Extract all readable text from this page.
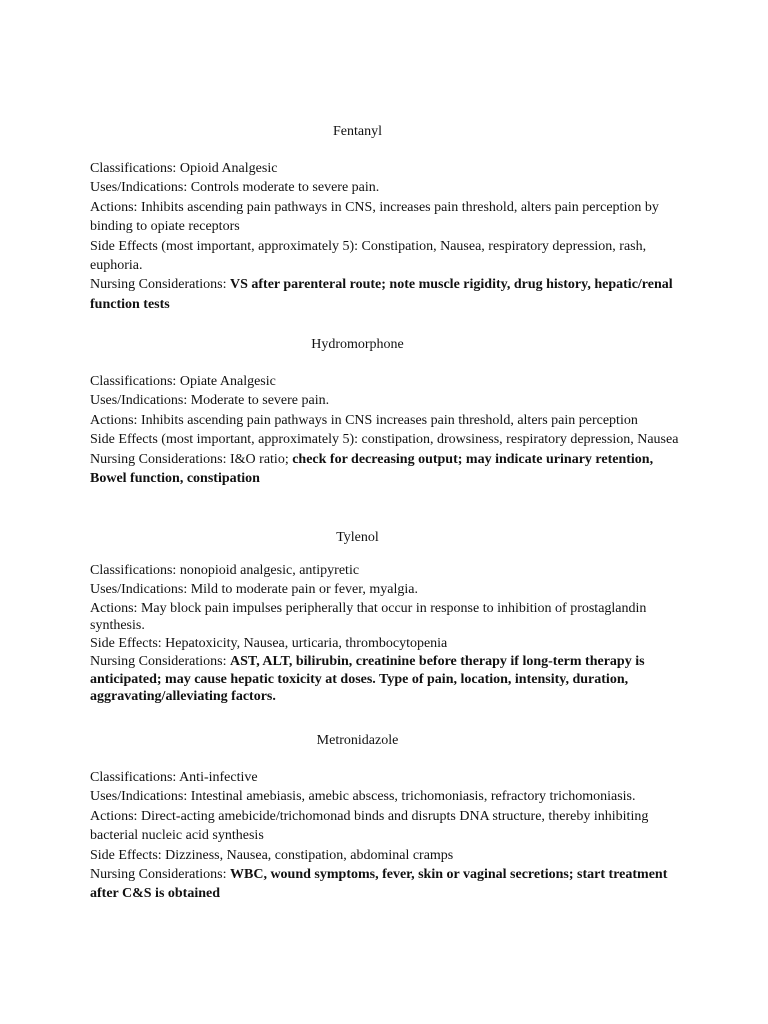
Fentanyl

Classifications: Opioid Analgesic

Uses/Indications: Controls moderate to severe pain.

Actions: Inhibits ascending pain pathways in CNS, increases pain threshold, alters pain perception by binding to opiate receptors

Side Effects (most important, approximately 5): Constipation, Nausea, respiratory depression, rash, euphoria.

Nursing Considerations: VS after parenteral route; note muscle rigidity, drug history, hepatic/renal function tests

Hydromorphone

Classifications: Opiate Analgesic

Uses/Indications: Moderate to severe pain.

Actions: Inhibits ascending pain pathways in CNS increases pain threshold, alters pain perception

Side Effects (most important, approximately 5): constipation, drowsiness, respiratory depression, Nausea

Nursing Considerations: I&O ratio; check for decreasing output; may indicate urinary retention, Bowel function, constipation

Tylenol

Classifications: nonopioid analgesic, antipyretic

Uses/Indications: Mild to moderate pain or fever, myalgia.

Actions: May block pain impulses peripherally that occur in response to inhibition of prostaglandin synthesis.

Side Effects: Hepatoxicity, Nausea, urticaria, thrombocytopenia

Nursing Considerations: AST, ALT, bilirubin, creatinine before therapy if long-term therapy is anticipated; may cause hepatic toxicity at doses. Type of pain, location, intensity, duration, aggravating/alleviating factors.

Metronidazole

Classifications: Anti-infective

Uses/Indications: Intestinal amebiasis, amebic abscess, trichomoniasis, refractory trichomoniasis.

Actions: Direct-acting amebicide/trichomonad binds and disrupts DNA structure, thereby inhibiting bacterial nucleic acid synthesis

Side Effects: Dizziness, Nausea, constipation, abdominal cramps

Nursing Considerations: WBC, wound symptoms, fever, skin or vaginal secretions; start treatment after C&S is obtained
